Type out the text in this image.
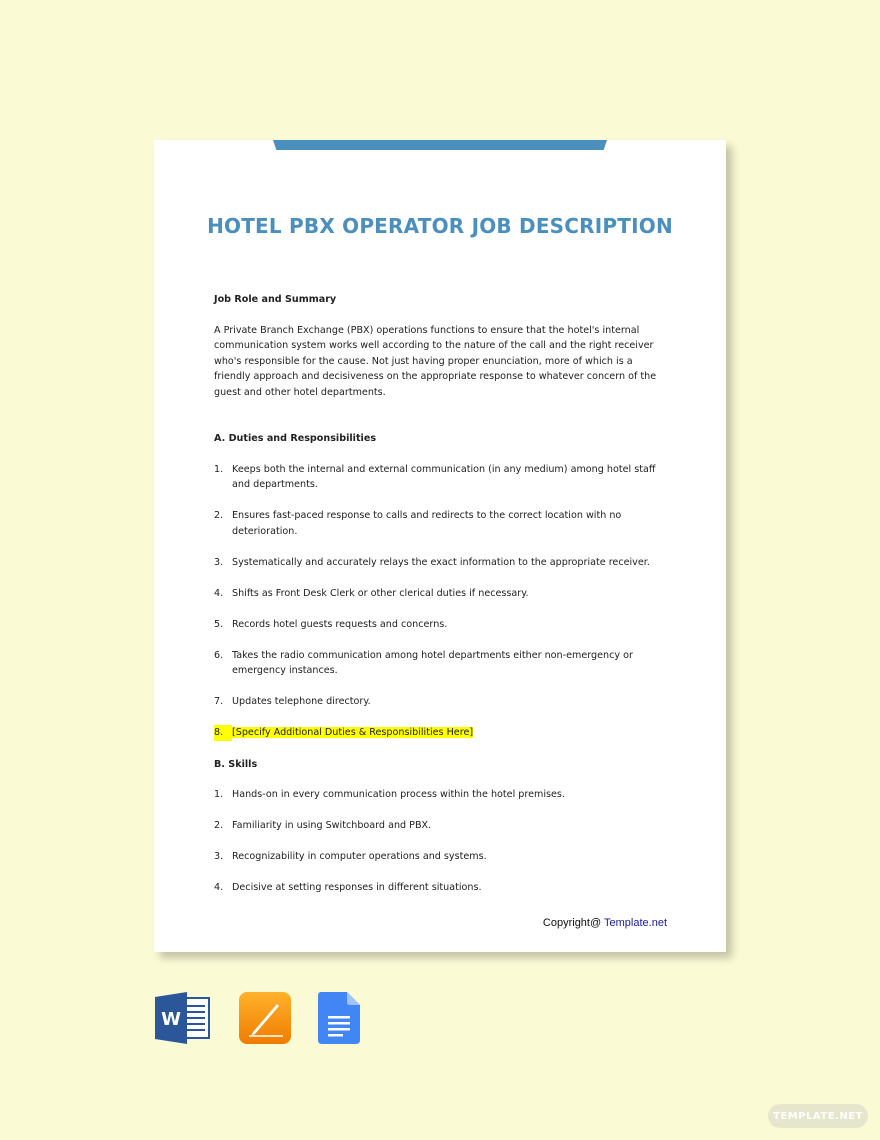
HOTEL PBX OPERATOR JOB DESCRIPTION

Job Role and Summary

A Private Branch Exchange (PBX) operations functions to ensure that the hotel's internal communication system works well according to the nature of the call and the right receiver who's responsible for the cause. Not just having proper enunciation, more of which is a friendly approach and decisiveness on the appropriate response to whatever concern of the guest and other hotel departments.

A. Duties and Responsibilities

1. Keeps both the internal and external communication (in any medium) among hotel staff and departments.
2. Ensures fast-paced response to calls and redirects to the correct location with no deterioration.
3. Systematically and accurately relays the exact information to the appropriate receiver.
4. Shifts as Front Desk Clerk or other clerical duties if necessary.
5. Records hotel guests requests and concerns.
6. Takes the radio communication among hotel departments either non-emergency or emergency instances.
7. Updates telephone directory.
8. [Specify Additional Duties & Responsibilities Here]

B. Skills

1. Hands-on in every communication process within the hotel premises.
2. Familiarity in using Switchboard and PBX.
3. Recognizability in computer operations and systems.
4. Decisive at setting responses in different situations.
Copyright@ Template.net
W
TEMPLATE.NET
